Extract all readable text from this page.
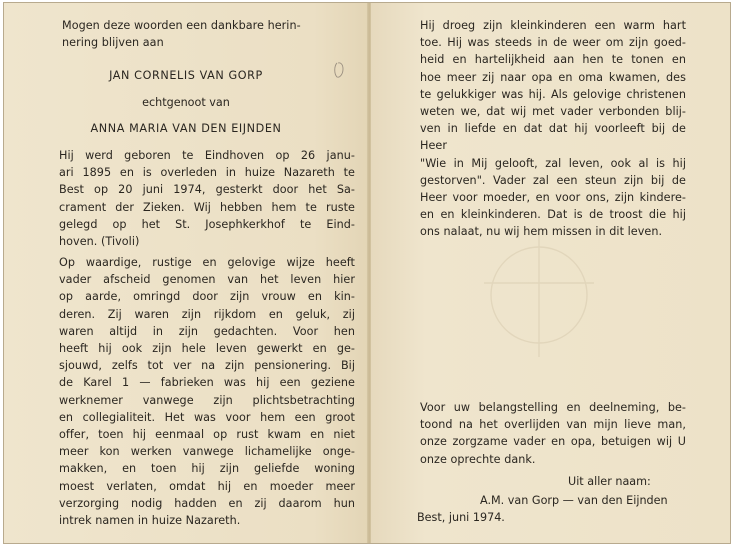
Mogen deze woorden een dankbare herin-
nering blijven aan
JAN CORNELIS VAN GORP
echtgenoot van
ANNA MARIA VAN DEN EIJNDEN
Hij werd geboren te Eindhoven op 26 janu-
ari 1895 en is overleden in huize Nazareth te
Best op 20 juni 1974, gesterkt door het Sa-
crament der Zieken. Wij hebben hem te ruste
gelegd op het St. Josephkerkhof te Eind-
hoven. (Tivoli)
Op waardige, rustige en gelovige wijze heeft
vader afscheid genomen van het leven hier
op aarde, omringd door zijn vrouw en kin-
deren. Zij waren zijn rijkdom en geluk, zij
waren altijd in zijn gedachten. Voor hen
heeft hij ook zijn hele leven gewerkt en ge-
sjouwd, zelfs tot ver na zijn pensionering. Bij
de Karel 1 — fabrieken was hij een geziene
werknemer vanwege zijn plichtsbetrachting
en collegialiteit. Het was voor hem een groot
offer, toen hij eenmaal op rust kwam en niet
meer kon werken vanwege lichamelijke onge-
makken, en toen hij zijn geliefde woning
moest verlaten, omdat hij en moeder meer
verzorging nodig hadden en zij daarom hun
intrek namen in huize Nazareth.
Hij droeg zijn kleinkinderen een warm hart
toe. Hij was steeds in de weer om zijn goed-
heid en hartelijkheid aan hen te tonen en
hoe meer zij naar opa en oma kwamen, des
te gelukkiger was hij. Als gelovige christenen
weten we, dat wij met vader verbonden blij-
ven in liefde en dat dat hij voorleeft bij de Heer
"Wie in Mij gelooft, zal leven, ook al is hij
gestorven". Vader zal een steun zijn bij de
Heer voor moeder, en voor ons, zijn kindere-
en en kleinkinderen. Dat is de troost die hij
ons nalaat, nu wij hem missen in dit leven.
Voor uw belangstelling en deelneming, be-
toond na het overlijden van mijn lieve man,
onze zorgzame vader en opa, betuigen wij U
onze oprechte dank.
Uit aller naam:
A.M. van Gorp — van den Eijnden
Best, juni 1974.
